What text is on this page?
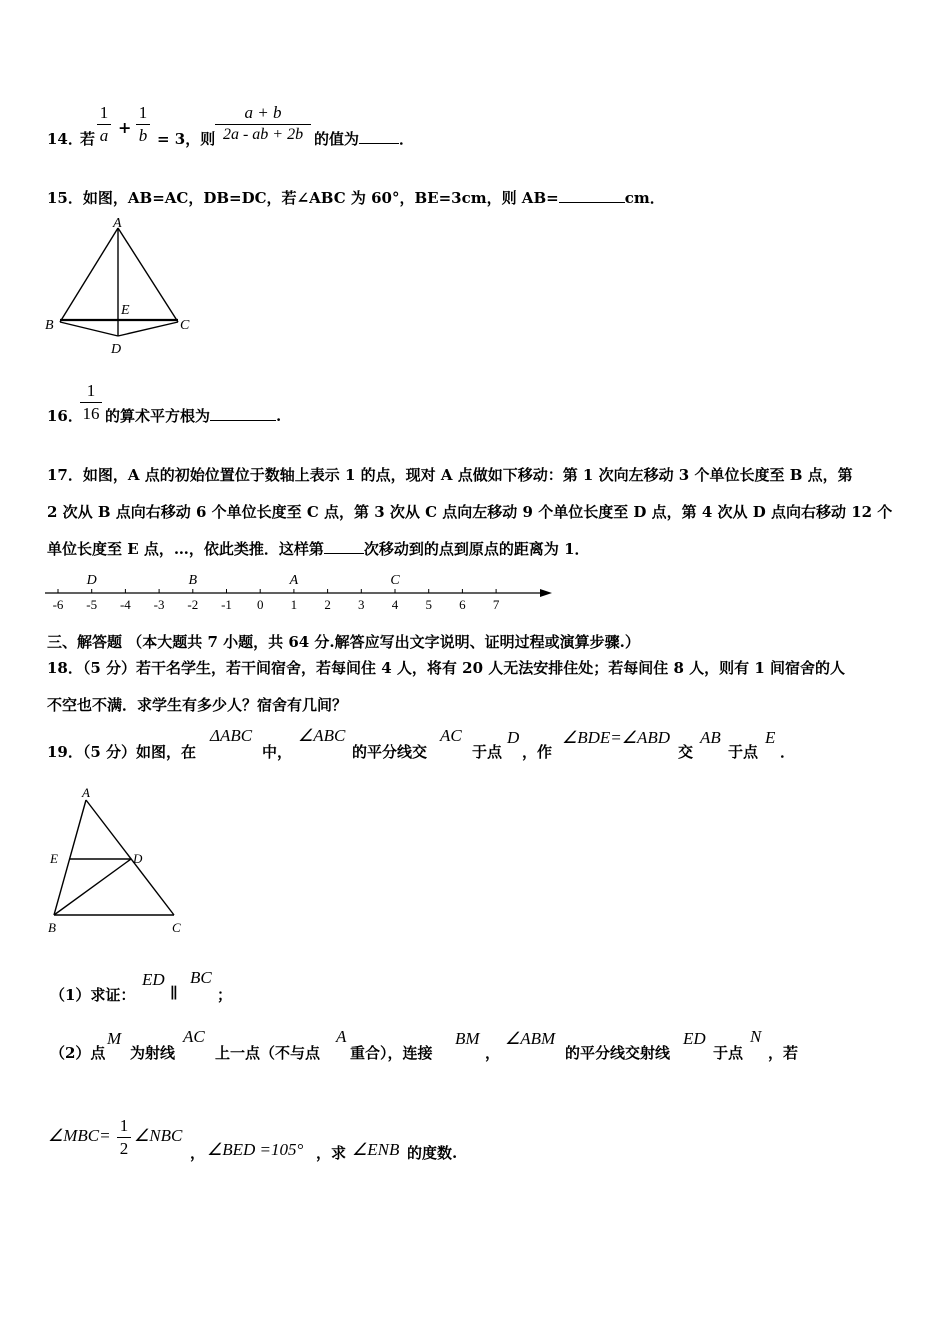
14．
若
1
a +
1
b = 3，则
a + b
2a - ab + 2b 的值为	．
15．如图，AB=AC，DB=DC，若∠ABC 为 60°，BE=3cm，则 AB=	cm．
A
B	C
D
E
16．
1
16 的算术平方根为	.
17．如图，A 点的初始位置位于数轴上表示 1 的点，现对 A 点做如下移动：第 1 次向左移动 3 个单位长度至 B 点，第
2 次从 B 点向右移动 6 个单位长度至 C 点，第 3 次从 C 点向左移动 9 个单位长度至 D 点，第 4 次从 D 点向右移动 12 个
单位长度至 E 点，…，依此类推．这样第	次移动到的点到原点的距离为 1．
-6 -5 -4 -3 -2 -1 0 1 2 3 4 5 6 7
D	B	A	C
三、解答题 （本大题共 7 小题，共 64 分.解答应写出文字说明、证明过程或演算步骤.）
18．（5 分）若干名学生，若干间宿舍，若每间住 4 人，将有 20 人无法安排住处；若每间住 8 人，则有 1 间宿舍的人
不空也不满．求学生有多少人？宿舍有几间？
19．（5 分）如图，在
ΔABC
中，
∠ABC
的平分线交
AC
于点
D
，作
∠BDE=∠ABD
交
AB
于点
E
．
A
E	D
B	C
（1）求证：
ED
∥
BC
；
（2）点
M
为射线
AC
上一点（不与点
A
重合），连接
BM
，
∠ABM
的平分线交射线
ED
于点
N
，若
∠MBC=
1
2
∠NBC
， ∠BED =105° ，求 ∠ENB 的度数.
